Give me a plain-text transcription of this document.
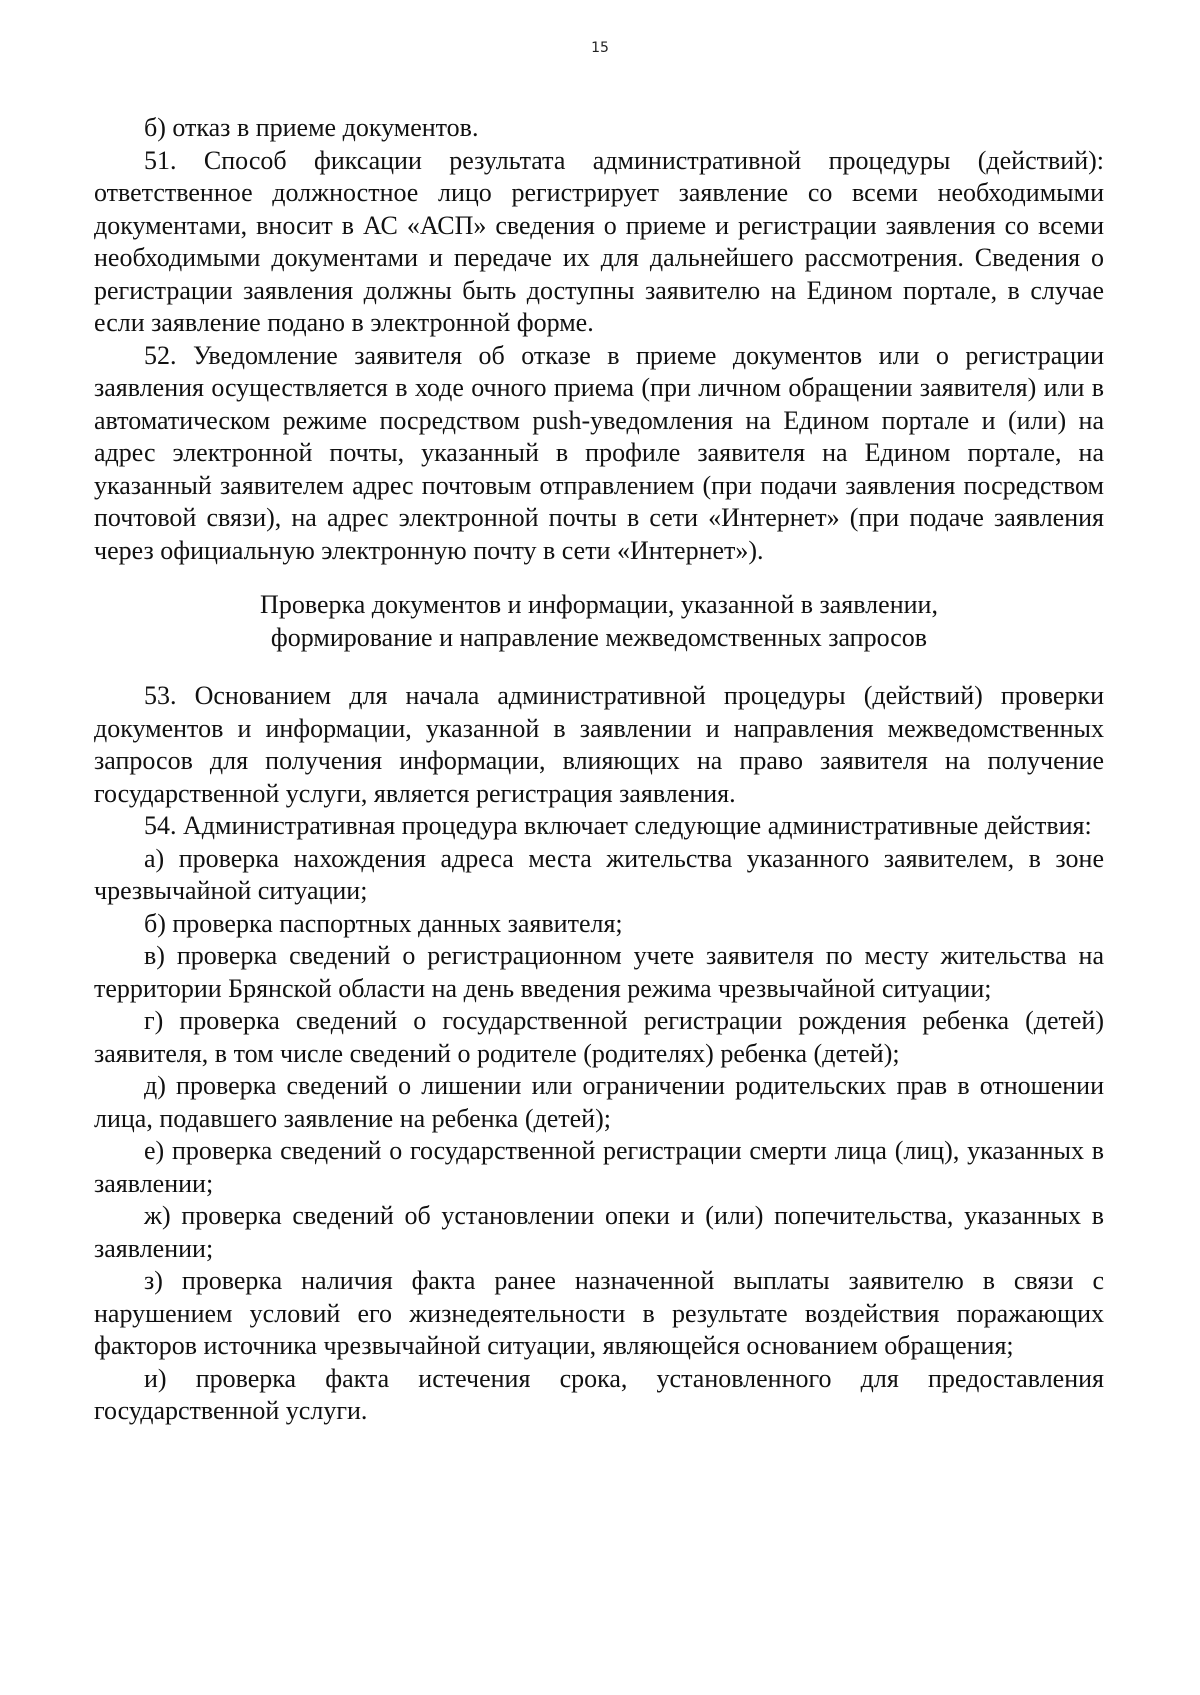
15

б) отказ в приеме документов.

51. Способ фиксации результата административной процедуры (действий): ответственное должностное лицо регистрирует заявление со всеми необходимыми документами, вносит в АС «АСП» сведения о приеме и регистрации заявления со всеми необходимыми документами и передаче их для дальнейшего рассмотрения. Сведения о регистрации заявления должны быть доступны заявителю на Едином портале, в случае если заявление подано в электронной форме.

52. Уведомление заявителя об отказе в приеме документов или о регистрации заявления осуществляется в ходе очного приема (при личном обращении заявителя) или в автоматическом режиме посредством push-уведомления на Едином портале и (или) на адрес электронной почты, указанный в профиле заявителя на Едином портале, на указанный заявителем адрес почтовым отправлением (при подачи заявления посредством почтовой связи), на адрес электронной почты в сети «Интернет» (при подаче заявления через официальную электронную почту в сети «Интернет»).

Проверка документов и информации, указанной в заявлении,
формирование и направление межведомственных запросов

53. Основанием для начала административной процедуры (действий) проверки документов и информации, указанной в заявлении и направления межведомственных запросов для получения информации, влияющих на право заявителя на получение государственной услуги, является регистрация заявления.

54. Административная процедура включает следующие административные действия:

а) проверка нахождения адреса места жительства указанного заявителем, в зоне чрезвычайной ситуации;

б) проверка паспортных данных заявителя;

в) проверка сведений о регистрационном учете заявителя по месту жительства на территории Брянской области на день введения режима чрезвычайной ситуации;

г) проверка сведений о государственной регистрации рождения ребенка (детей) заявителя, в том числе сведений о родителе (родителях) ребенка (детей);

д) проверка сведений о лишении или ограничении родительских прав в отношении лица, подавшего заявление на ребенка (детей);

е) проверка сведений о государственной регистрации смерти лица (лиц), указанных в заявлении;

ж) проверка сведений об установлении опеки и (или) попечительства, указанных в заявлении;

з) проверка наличия факта ранее назначенной выплаты заявителю в связи с нарушением условий его жизнедеятельности в результате воздействия поражающих факторов источника чрезвычайной ситуации, являющейся основанием обращения;

и) проверка факта истечения срока, установленного для предоставления государственной услуги.
